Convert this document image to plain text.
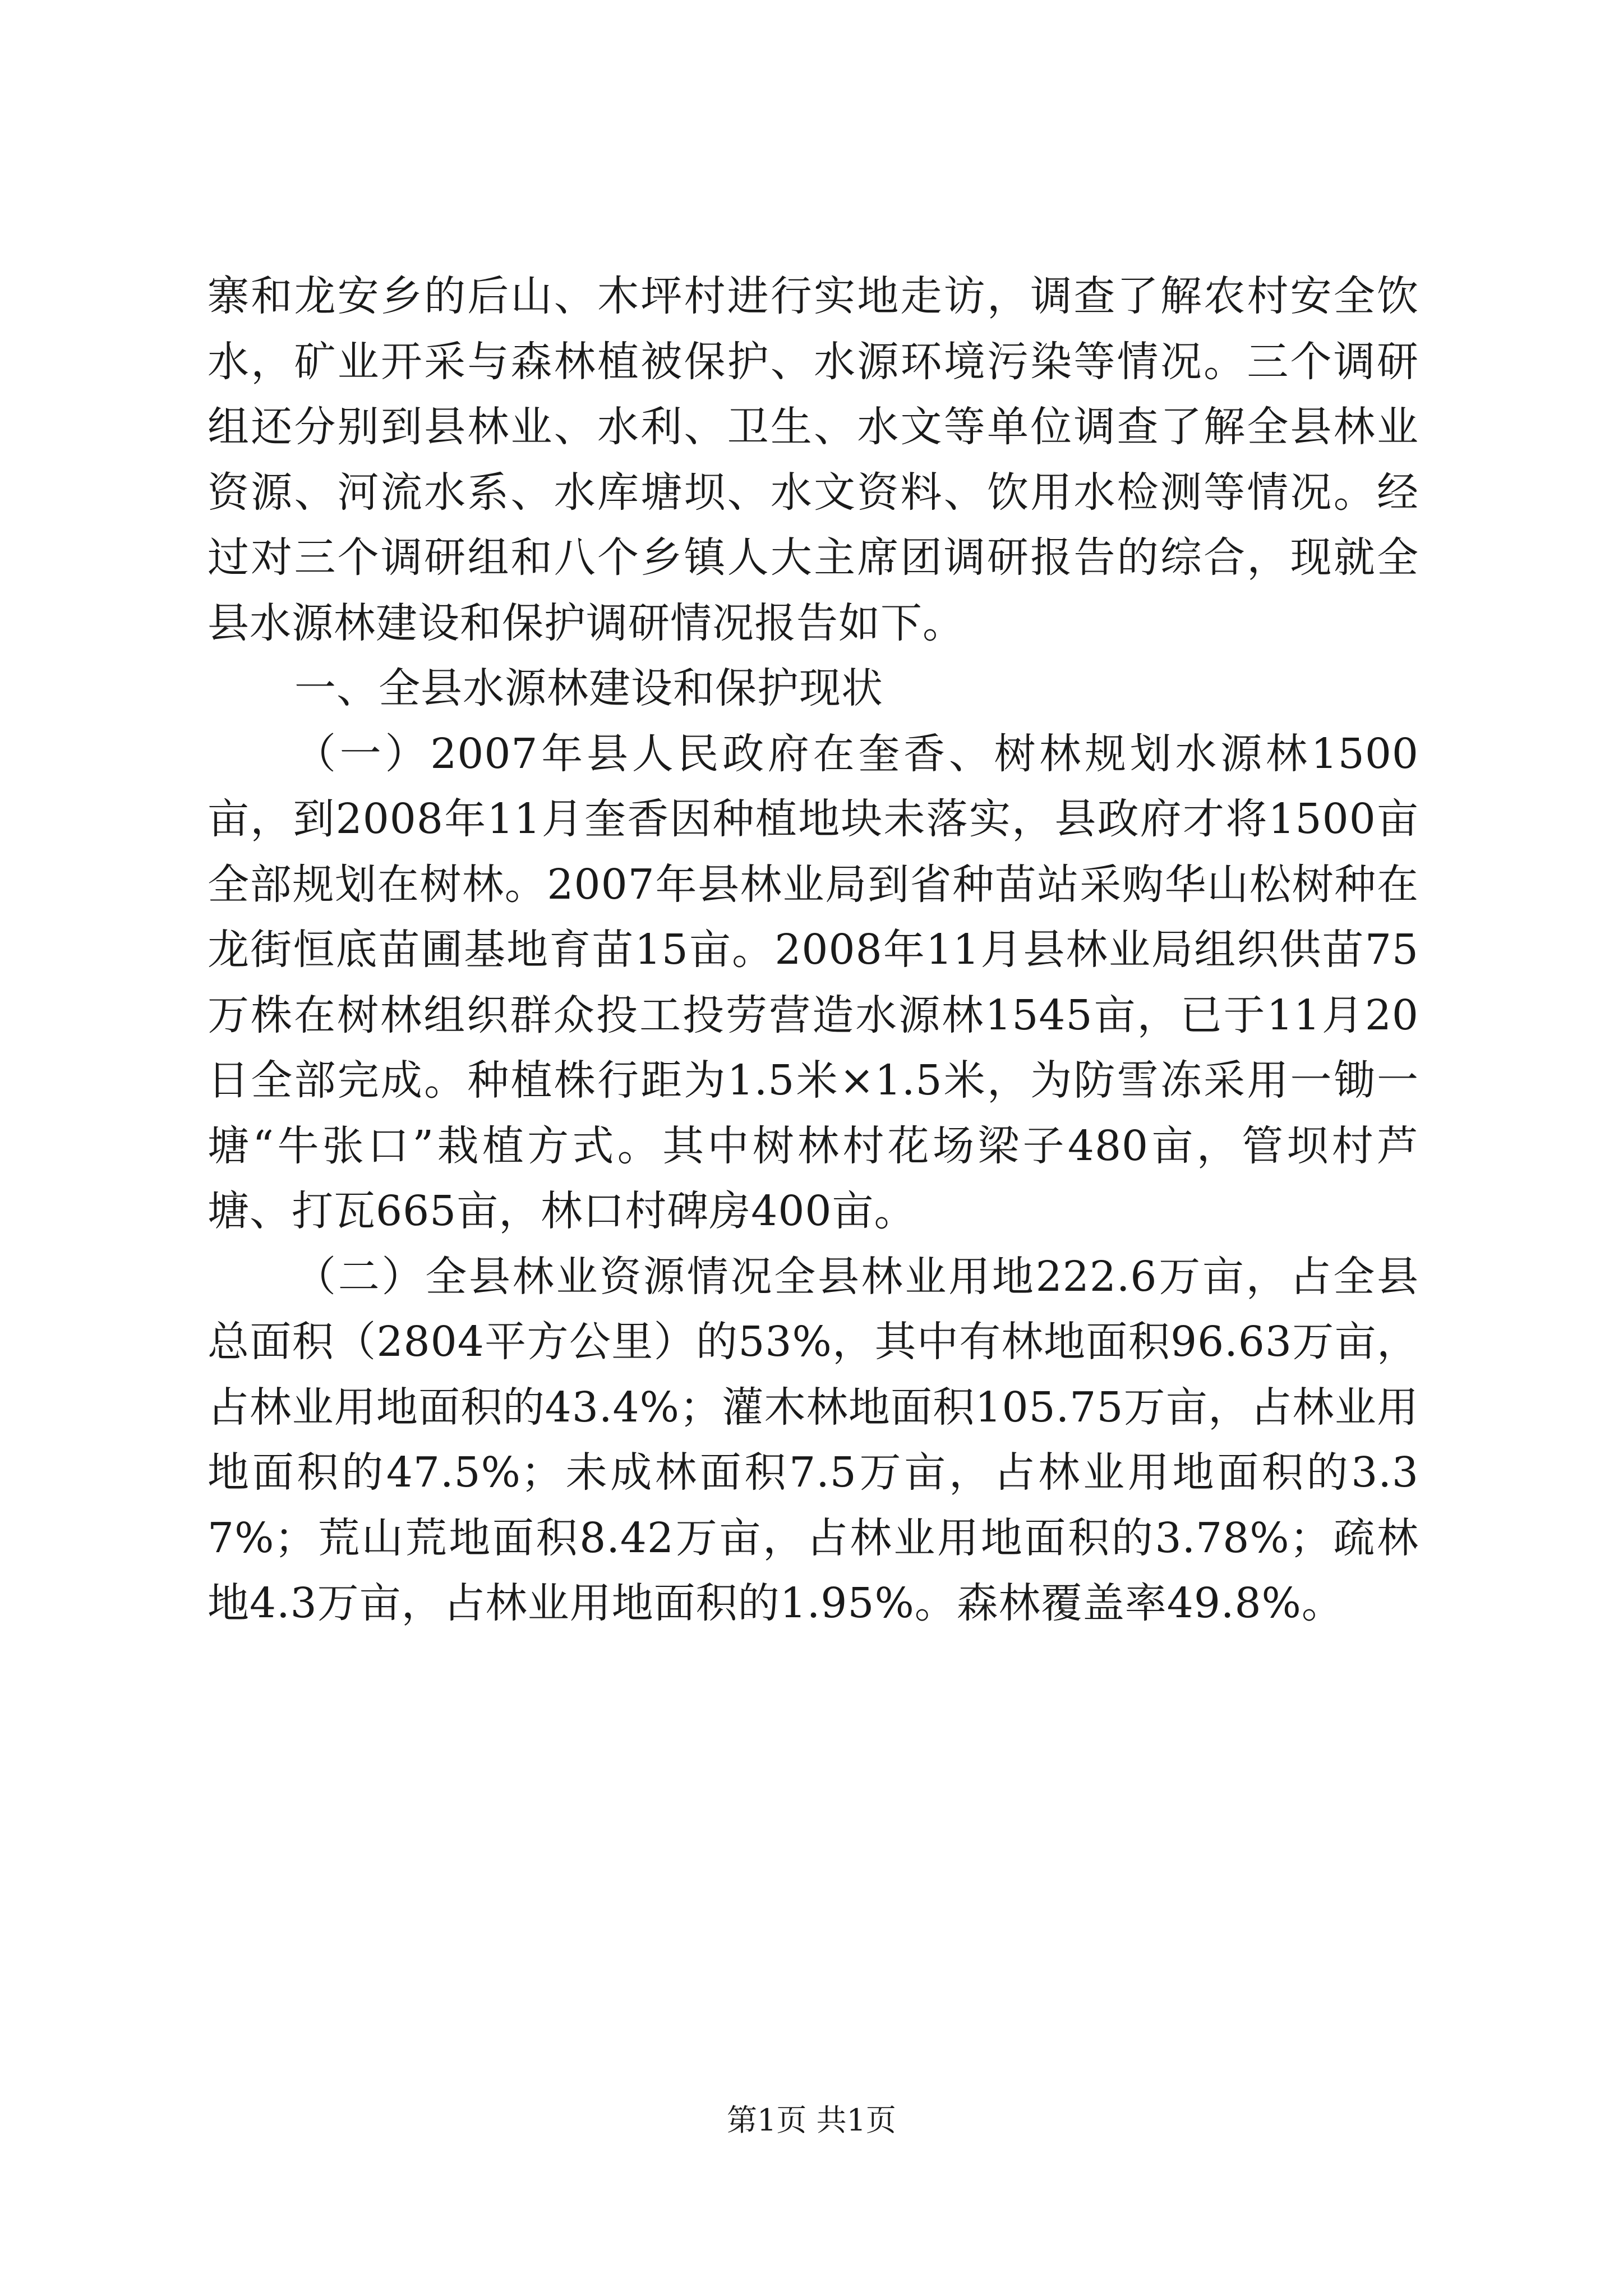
寨和龙安乡的后山、木坪村进行实地走访，调查了解农村安全饮水，矿业开采与森林植被保护、水源环境污染等情况。三个调研组还分别到县林业、水利、卫生、水文等单位调查了解全县林业资源、河流水系、水库塘坝、水文资料、饮用水检测等情况。经过对三个调研组和八个乡镇人大主席团调研报告的综合，现就全县水源林建设和保护调研情况报告如下。

一、全县水源林建设和保护现状

（一）2007年县人民政府在奎香、树林规划水源林1500亩，到2008年11月奎香因种植地块未落实，县政府才将1500亩全部规划在树林。2007年县林业局到省种苗站采购华山松树种在龙街恒底苗圃基地育苗15亩。2008年11月县林业局组织供苗75万株在树林组织群众投工投劳营造水源林1545亩，已于11月20日全部完成。种植株行距为1.5米×1.5米，为防雪冻采用一锄一塘“牛张口”栽植方式。其中树林村花场梁子480亩，管坝村芦塘、打瓦665亩，林口村碑房400亩。

（二）全县林业资源情况全县林业用地222.6万亩，占全县总面积（2804平方公里）的53%，其中有林地面积96.63万亩，占林业用地面积的43.4%；灌木林地面积105.75万亩，占林业用地面积的47.5%；未成林面积7.5万亩，占林业用地面积的3.37%；荒山荒地面积8.42万亩，占林业用地面积的3.78%；疏林地4.3万亩，占林业用地面积的1.95%。森林覆盖率49.8%。

第1页 共1页
